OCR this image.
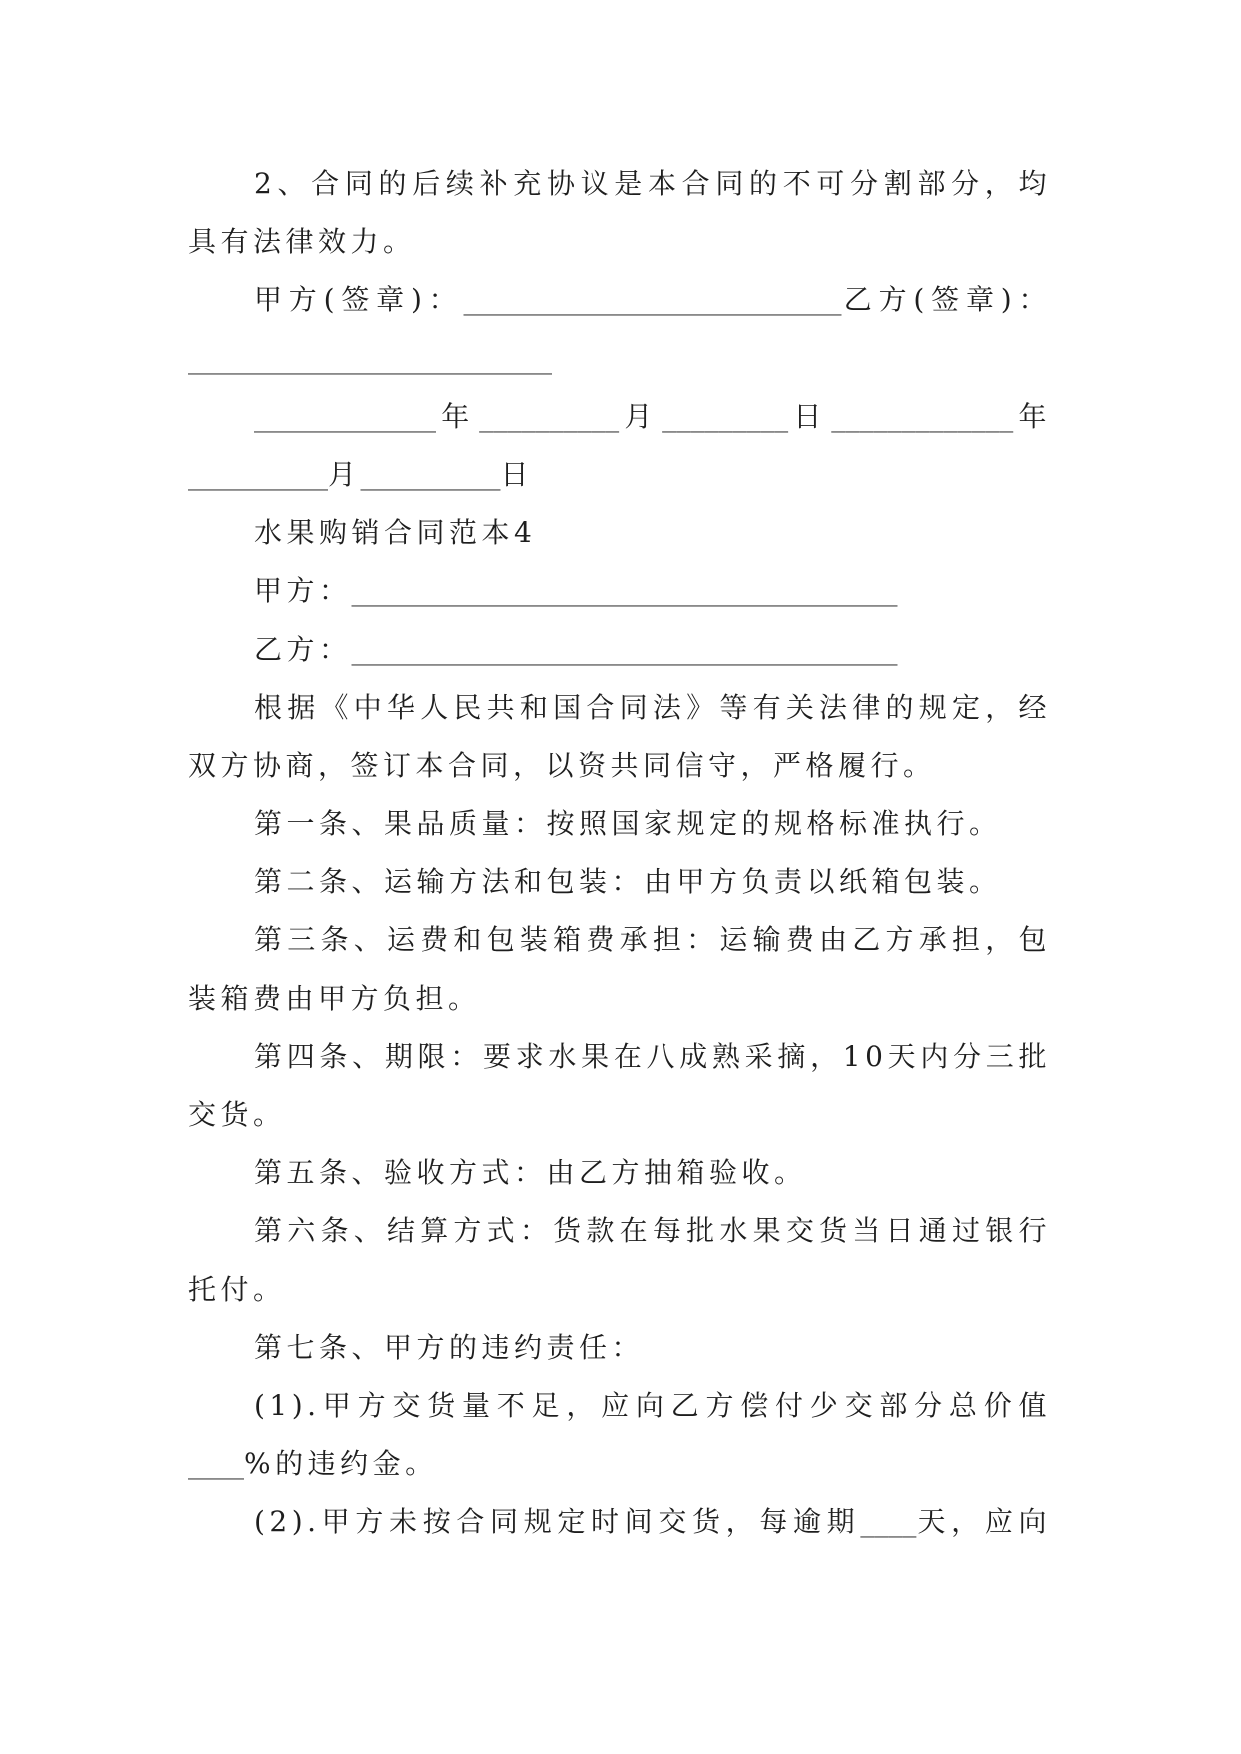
2、合同的后续补充协议是本合同的不可分割部分，均
具有法律效力。
甲方(签章)：___________________________乙方(签章)：
__________________________
_____________年__________月_________日_____________年
__________月__________日
水果购销合同范本4
甲方：_______________________________________
乙方：_______________________________________
根据《中华人民共和国合同法》等有关法律的规定，经
双方协商，签订本合同，以资共同信守，严格履行。
第一条、果品质量：按照国家规定的规格标准执行。
第二条、运输方法和包装：由甲方负责以纸箱包装。
第三条、运费和包装箱费承担：运输费由乙方承担，包
装箱费由甲方负担。
第四条、期限：要求水果在八成熟采摘，10天内分三批
交货。
第五条、验收方式：由乙方抽箱验收。
第六条、结算方式：货款在每批水果交货当日通过银行
托付。
第七条、甲方的违约责任：
(1).甲方交货量不足，应向乙方偿付少交部分总价值
____%的违约金。
(2).甲方未按合同规定时间交货，每逾期____天，应向
